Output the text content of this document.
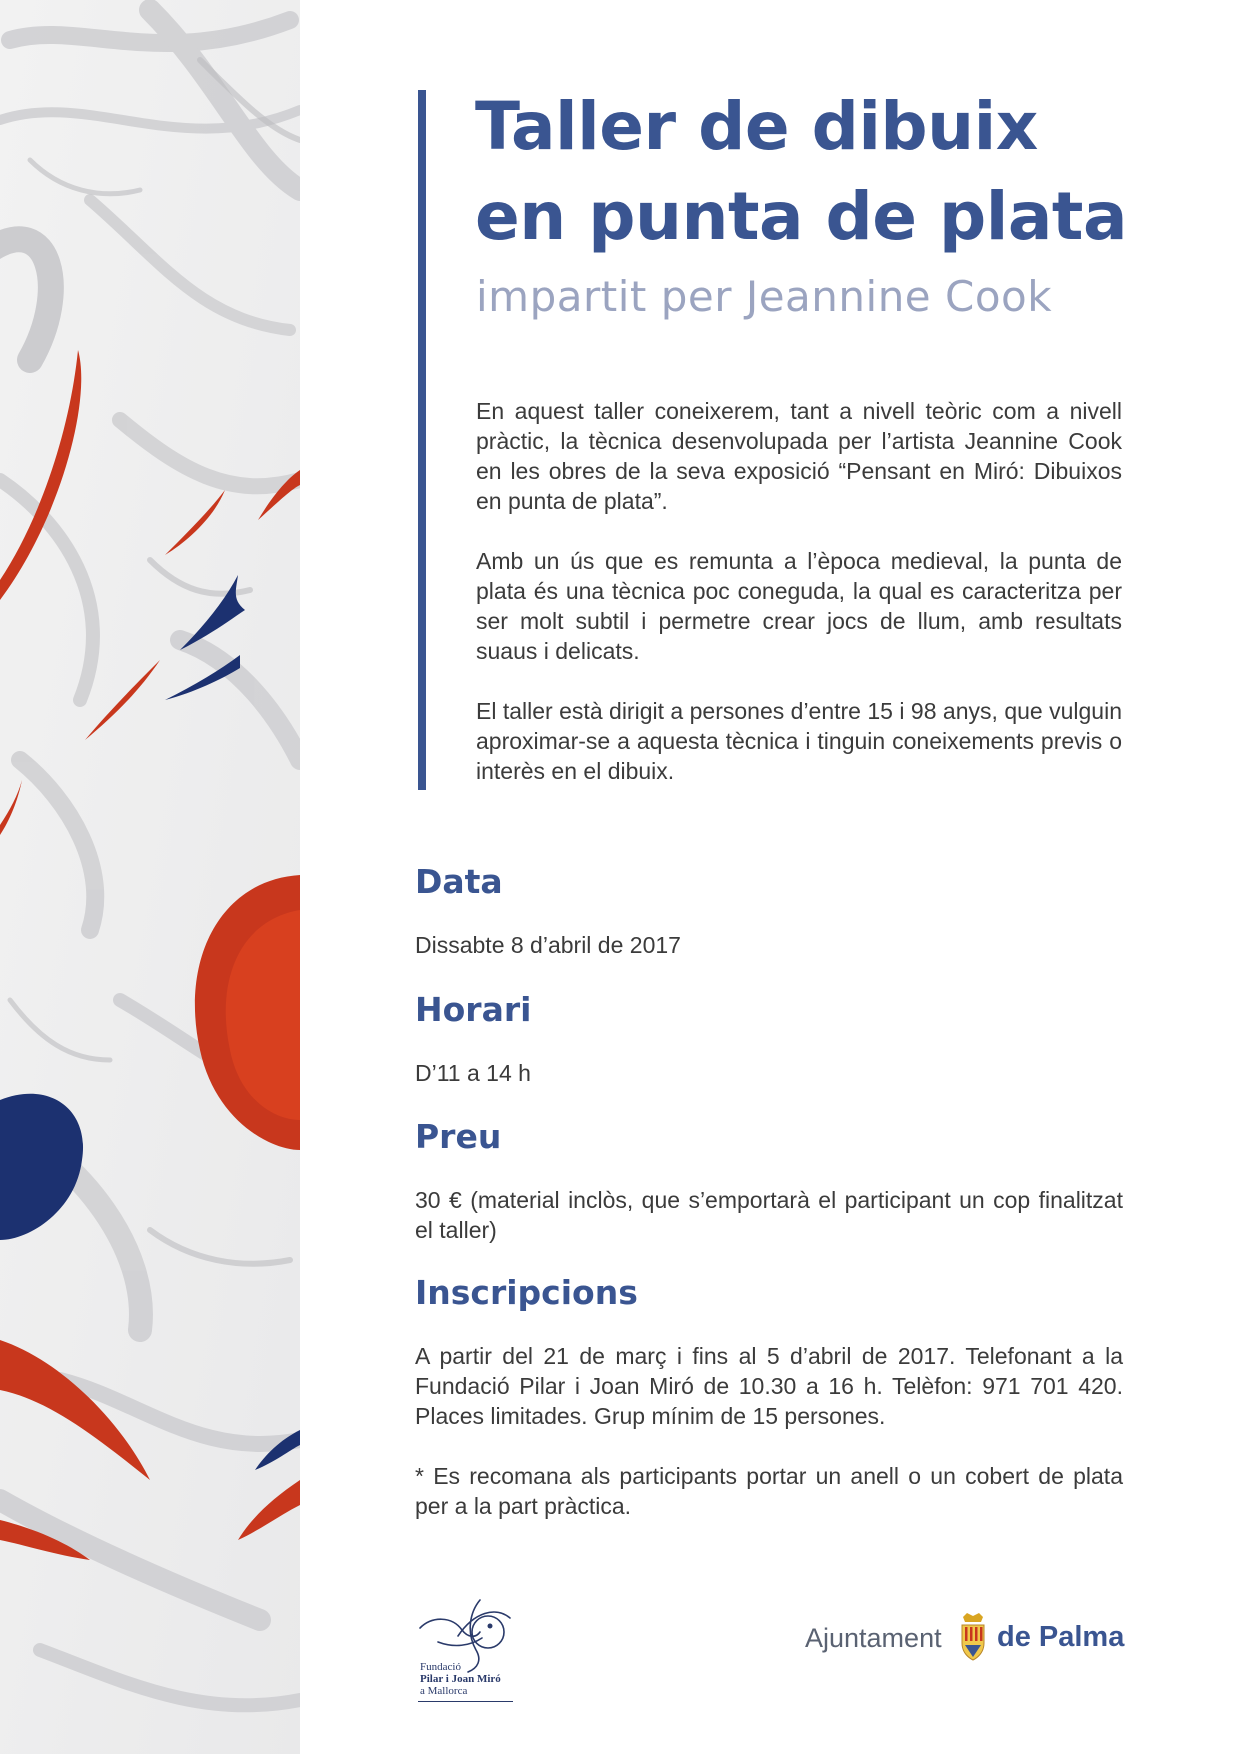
Taller de dibuix
en punta de plata
impartit per Jeannine Cook

En aquest taller coneixerem, tant a nivell teòric com a nivell pràctic, la tècnica desenvolupada per l’artista Jeannine Cook en les obres de la seva exposició “Pensant en Miró: Dibuixos en punta de plata”.

Amb un ús que es remunta a l’època medieval, la punta de plata és una tècnica poc coneguda, la qual es caracteritza per ser molt subtil i permetre crear jocs de llum, amb resultats suaus i delicats.

El taller està dirigit a persones d’entre 15 i 98 anys, que vulguin aproximar-se a aquesta tècnica i tinguin coneixements previs o interès en el dibuix.

Data

Dissabte 8 d’abril de 2017

Horari

D’11 a 14 h

Preu

30 € (material inclòs, que s’emportarà el participant un cop finalitzat el taller)

Inscripcions

A partir del 21 de març i fins al 5 d’abril de 2017. Telefonant a la Fundació Pilar i Joan Miró de 10.30 a 16 h. Telèfon: 971 701 420. Places limitades. Grup mínim de 15 persones.

* Es recomana als participants portar un anell o un cobert de plata per a la part pràctica.

Fundació
Pilar i Joan Miró
a Mallorca
Ajuntament de Palma
